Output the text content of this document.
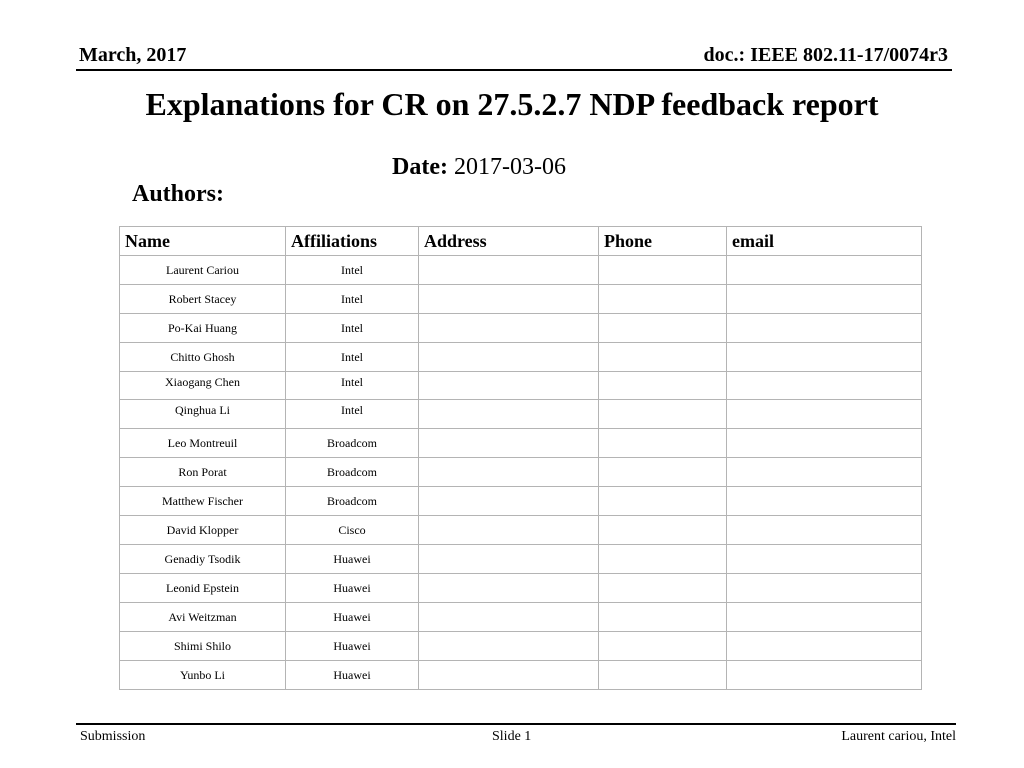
March, 2017	doc.: IEEE 802.11-17/0074r3
Explanations for CR on 27.5.2.7 NDP feedback report
Date: 2017-03-06
Authors:
Name	Affiliations	Address	Phone	email
Laurent Cariou	Intel			
Robert Stacey	Intel			
Po-Kai Huang	Intel			
Chitto Ghosh	Intel			
Xiaogang Chen	Intel			
Qinghua Li	Intel			
Leo Montreuil	Broadcom			
Ron Porat	Broadcom			
Matthew Fischer	Broadcom			
David Klopper	Cisco			
Genadiy Tsodik	Huawei			
Leonid Epstein	Huawei			
Avi Weitzman	Huawei			
Shimi Shilo	Huawei			
Yunbo Li	Huawei			
Submission	Slide 1	Laurent cariou, Intel
